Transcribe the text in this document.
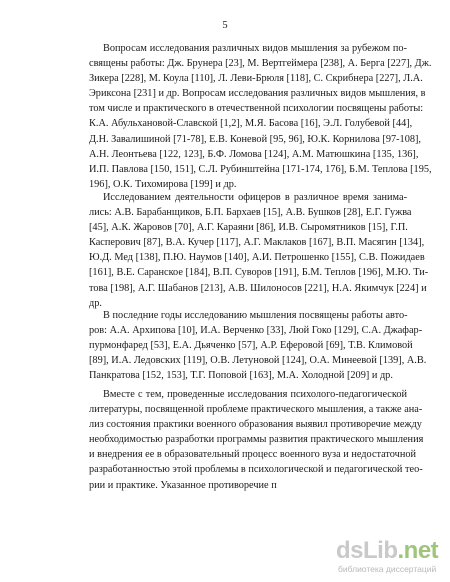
5
Вопросам исследования различных видов мышления за рубежом по-
священы работы: Дж. Брунера [23], М. Вертгеймера [238], А. Берга [227], Дж.
Зикера [228], М. Коула [110], Л. Леви-Брюля [118], С. Скрибнера [227], Л.А.
Эриксона [231] и др. Вопросам исследования различных видов мышления, в
том числе и практического в отечественной психологии посвящены работы:
К.А. Абульхановой-Славской [1,2], М.Я. Басова [16], Э.Л. Голубевой [44],
Д.Н. Завалишиной [71-78], Е.В. Коневой [95, 96], Ю.К. Корнилова [97-108],
А.Н. Леонтьева [122, 123], Б.Ф. Ломова [124], А.М. Матюшкина [135, 136],
И.П. Павлова [150, 151], С.Л. Рубинштейна [171-174, 176], Б.М. Теплова [195,
196], О.К. Тихомирова [199] и др.
Исследованием деятельности офицеров в различное время занима-
лись: А.В. Барабанщиков, Б.П. Бархаев [15], А.В. Бушков [28], Е.Г. Гужва
[45], А.К. Жаровов [70], А.Г. Караяни [86], И.В. Сыромятников [15], Г.П.
Касперович [87], В.А. Кучер [117], А.Г. Маклаков [167], В.П. Масягин [134],
Ю.Д. Мед [138], П.Ю. Наумов [140], А.И. Петрошенко [155], С.В. Пожидаев
[161], В.Е. Саранское [184], В.П. Суворов [191], Б.М. Теплов [196], М.Ю. Ти-
това [198], А.Г. Шабанов [213], А.В. Шилоносов [221], Н.А. Якимчук [224] и
др.
В последние годы исследованию мышления посвящены работы авто-
ров: А.А. Архипова [10], И.А. Верченко [33], Люй Гоко [129], С.А. Джафар-
пурмонфаред [53], Е.А. Дьяченко [57], А.Р. Еферовой [69], Т.В. Климовой
[89], И.А. Ледовских [119], О.В. Летуновой [124], О.А. Минеевой [139], А.В.
Панкратова [152, 153], Т.Г. Поповой [163], М.А. Холодной [209] и др.
Вместе с тем, проведенные исследования психолого-педагогической
литературы, посвященной проблеме практического мышления, а также ана-
лиз состояния практики военного образования выявил противоречие между
необходимостью разработки программы развития практического мышления
и внедрения ее в образовательный процесс военного вуза и недостаточной
разработанностью этой проблемы в психологической и педагогической тео-
рии и практике. Указанное противоречие п
dsLib.net
библиотека диссертаций
